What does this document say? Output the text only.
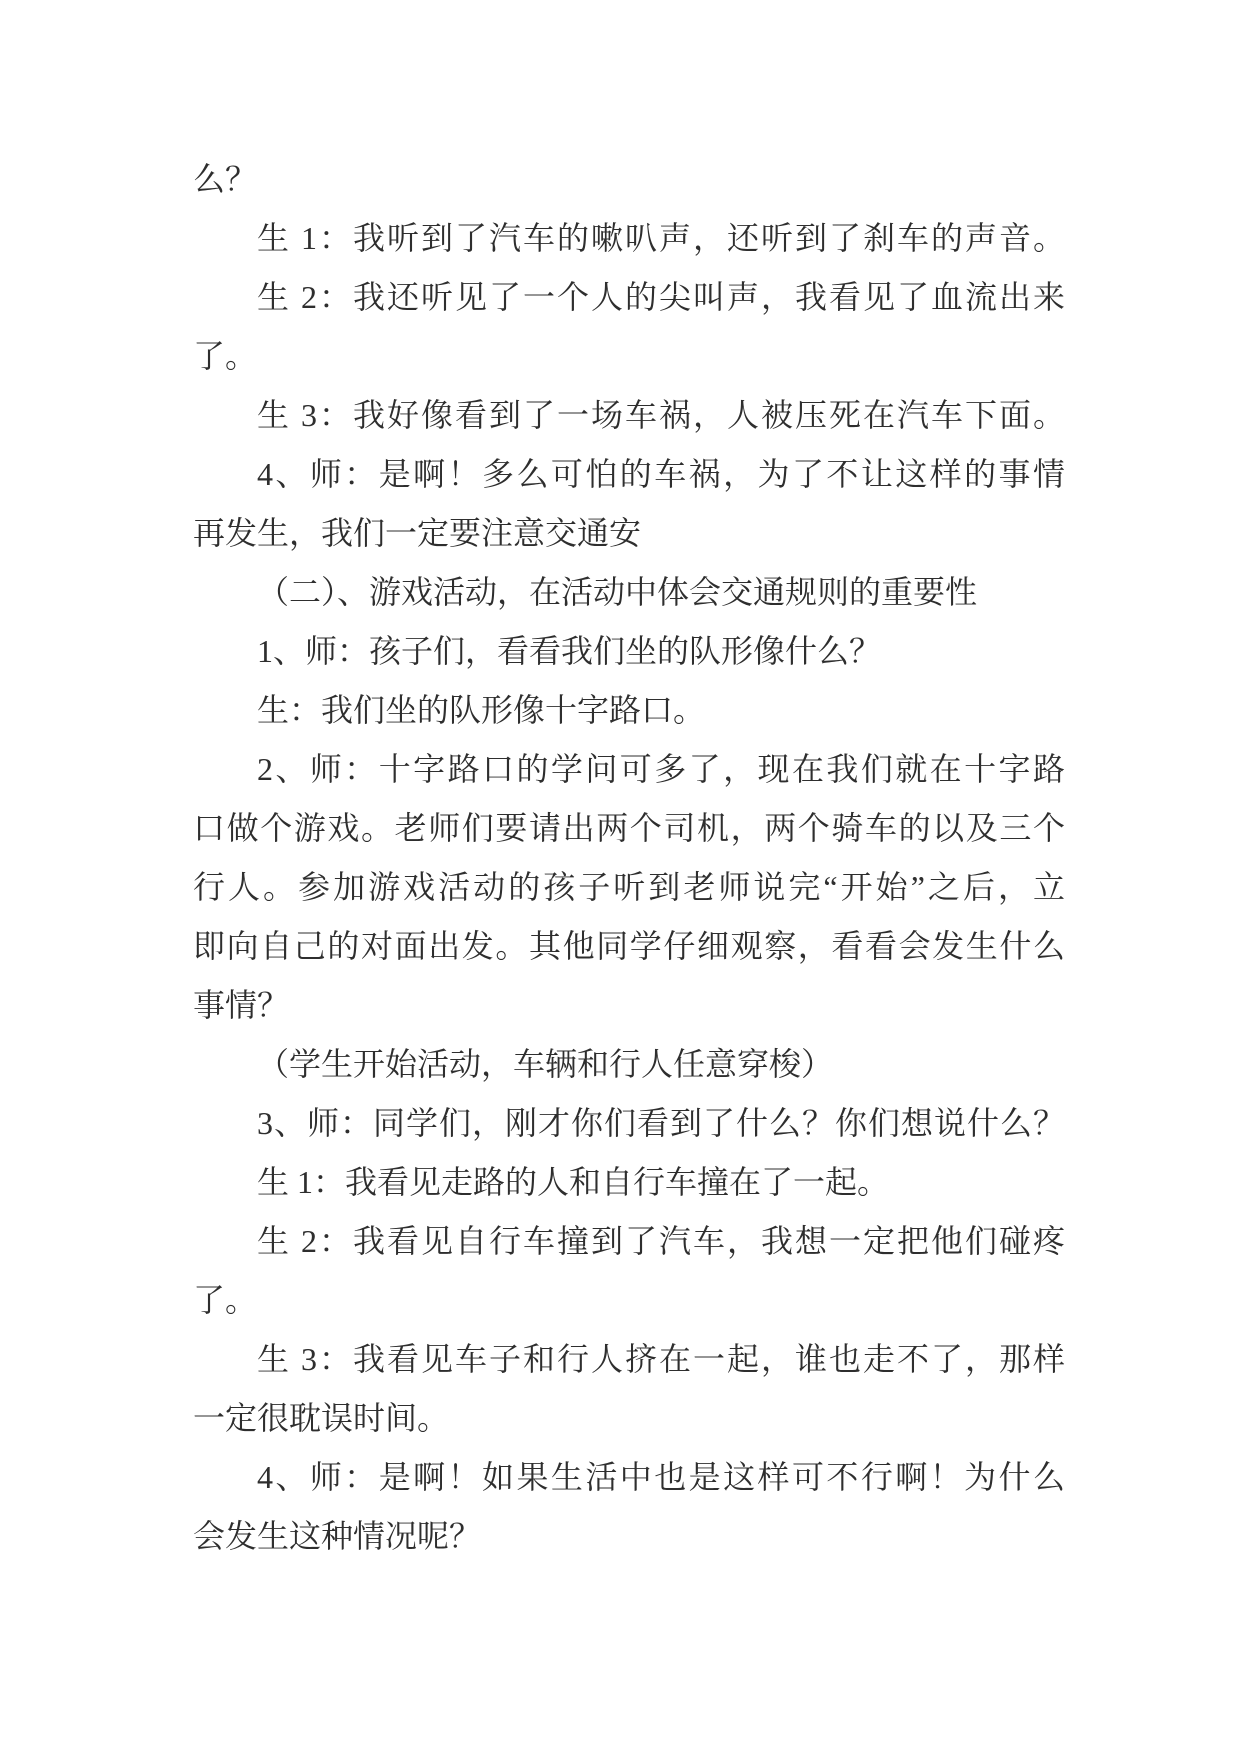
么？
生 1：我听到了汽车的嗽叭声，还听到了刹车的声音。
生 2：我还听见了一个人的尖叫声，我看见了血流出来
了。
生 3：我好像看到了一场车祸，人被压死在汽车下面。
4、师：是啊！多么可怕的车祸，为了不让这样的事情
再发生，我们一定要注意交通安
（二）、游戏活动，在活动中体会交通规则的重要性
1、师：孩子们，看看我们坐的队形像什么？
生：我们坐的队形像十字路口。
2、师：十字路口的学问可多了，现在我们就在十字路
口做个游戏。老师们要请出两个司机，两个骑车的以及三个
行人。参加游戏活动的孩子听到老师说完“开始”之后，立
即向自己的对面出发。其他同学仔细观察，看看会发生什么
事情？
（学生开始活动，车辆和行人任意穿梭）
3、师：同学们，刚才你们看到了什么？你们想说什么？
生 1：我看见走路的人和自行车撞在了一起。
生 2：我看见自行车撞到了汽车，我想一定把他们碰疼
了。
生 3：我看见车子和行人挤在一起，谁也走不了，那样
一定很耽误时间。
4、师：是啊！如果生活中也是这样可不行啊！为什么
会发生这种情况呢？
